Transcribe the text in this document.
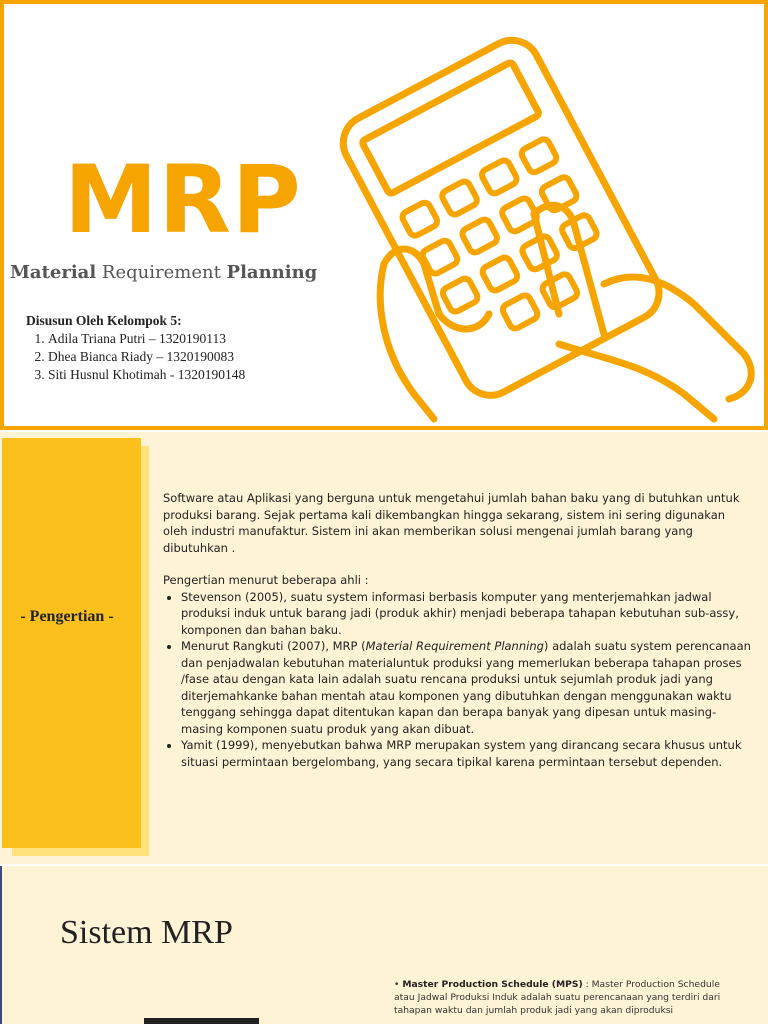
MRP
Material Requirement Planning
Disusun Oleh Kelompok 5:
1. Adila Triana Putri – 1320190113
2. Dhea Bianca Riady – 1320190083
3. Siti Husnul Khotimah - 1320190148
- Pengertian -

Software atau Aplikasi yang berguna untuk mengetahui jumlah bahan baku yang di butuhkan untuk produksi barang. Sejak pertama kali dikembangkan hingga sekarang, sistem ini sering digunakan oleh industri manufaktur. Sistem ini akan memberikan solusi mengenai jumlah barang yang dibutuhkan .

Pengertian menurut beberapa ahli :
• Stevenson (2005), suatu system informasi berbasis komputer yang menterjemahkan jadwal produksi induk untuk barang jadi (produk akhir) menjadi beberapa tahapan kebutuhan sub-assy, komponen dan bahan baku.
• Menurut Rangkuti (2007), MRP (Material Requirement Planning) adalah suatu system perencanaan dan penjadwalan kebutuhan materialuntuk produksi yang memerlukan beberapa tahapan proses /fase atau dengan kata lain adalah suatu rencana produksi untuk sejumlah produk jadi yang diterjemahkanke bahan mentah atau komponen yang dibutuhkan dengan menggunakan waktu tenggang sehingga dapat ditentukan kapan dan berapa banyak yang dipesan untuk masing-masing komponen suatu produk yang akan dibuat.
• Yamit (1999), menyebutkan bahwa MRP merupakan system yang dirancang secara khusus untuk situasi permintaan bergelombang, yang secara tipikal karena permintaan tersebut dependen.
Sistem MRP
• Master Production Schedule (MPS) : Master Production Schedule atau Jadwal Produksi Induk adalah suatu perencanaan yang terdiri dari tahapan waktu dan jumlah produk jadi yang akan diproduksi
